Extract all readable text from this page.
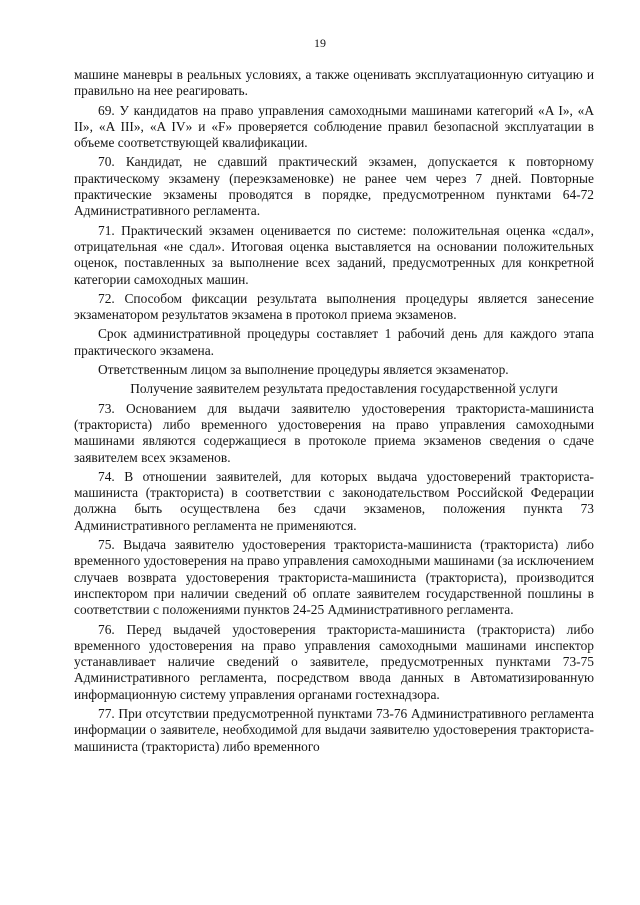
19

машине маневры в реальных условиях, а также оценивать эксплуатационную ситуацию и правильно на нее реагировать.

69. У кандидатов на право управления самоходными машинами категорий «A I», «A II», «A III», «A IV» и «F» проверяется соблюдение правил безопасной эксплуатации в объеме соответствующей квалификации.

70. Кандидат, не сдавший практический экзамен, допускается к повторному практическому экзамену (переэкзаменовке) не ранее чем через 7 дней. Повторные практические экзамены проводятся в порядке, предусмотренном пунктами 64-72 Административного регламента.

71. Практический экзамен оценивается по системе: положительная оценка «сдал», отрицательная «не сдал». Итоговая оценка выставляется на основании положительных оценок, поставленных за выполнение всех заданий, предусмотренных для конкретной категории самоходных машин.

72. Способом фиксации результата выполнения процедуры является занесение экзаменатором результатов экзамена в протокол приема экзаменов.

Срок административной процедуры составляет 1 рабочий день для каждого этапа практического экзамена.

Ответственным лицом за выполнение процедуры является экзаменатор.

Получение заявителем результата предоставления государственной услуги

73. Основанием для выдачи заявителю удостоверения тракториста-машиниста (тракториста) либо временного удостоверения на право управления самоходными машинами являются содержащиеся в протоколе приема экзаменов сведения о сдаче заявителем всех экзаменов.

74. В отношении заявителей, для которых выдача удостоверений тракториста-машиниста (тракториста) в соответствии с законодательством Российской Федерации должна быть осуществлена без сдачи экзаменов, положения пункта 73 Административного регламента не применяются.

75. Выдача заявителю удостоверения тракториста-машиниста (тракториста) либо временного удостоверения на право управления самоходными машинами (за исключением случаев возврата удостоверения тракториста-машиниста (тракториста), производится инспектором при наличии сведений об оплате заявителем государственной пошлины в соответствии с положениями пунктов 24-25 Административного регламента.

76. Перед выдачей удостоверения тракториста-машиниста (тракториста) либо временного удостоверения на право управления самоходными машинами инспектор устанавливает наличие сведений о заявителе, предусмотренных пунктами 73-75 Административного регламента, посредством ввода данных в Автоматизированную информационную систему управления органами гостехнадзора.

77. При отсутствии предусмотренной пунктами 73-76 Административного регламента информации о заявителе, необходимой для выдачи заявителю удостоверения тракториста-машиниста (тракториста) либо временного
